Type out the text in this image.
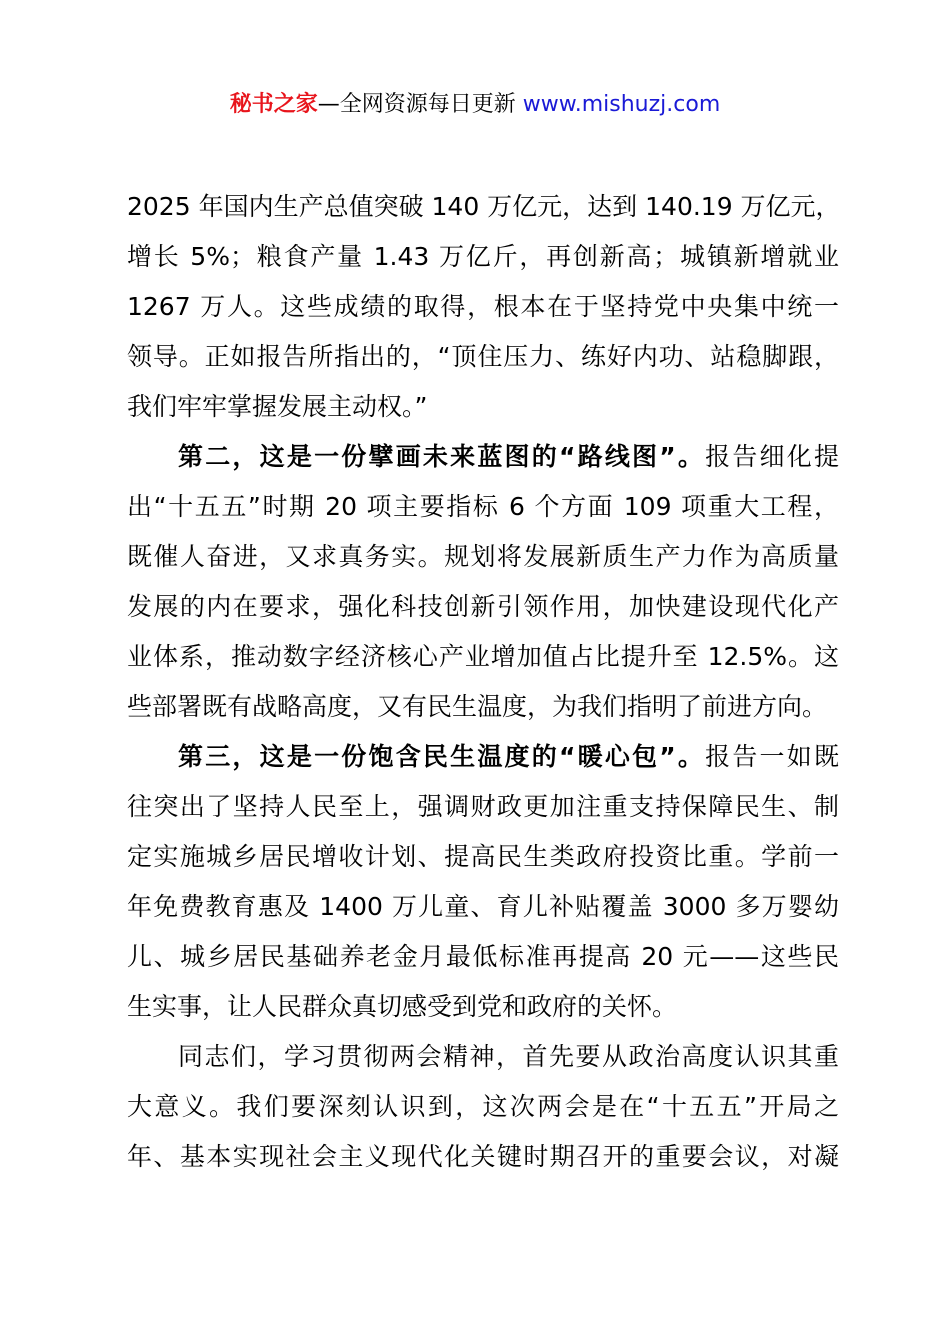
秘书之家—全网资源每日更新 www.mishuzj.com
2025 年国内生产总值突破 140 万亿元，达到 140.19 万亿元，
增长 5%；粮食产量 1.43 万亿斤，再创新高；城镇新增就业
1267 万人。这些成绩的取得，根本在于坚持党中央集中统一
领导。正如报告所指出的，“顶住压力、练好内功、站稳脚跟，
我们牢牢掌握发展主动权。”
第二，这是一份擘画未来蓝图的“路线图”。报告细化提
出“十五五”时期 20 项主要指标 6 个方面 109 项重大工程，
既催人奋进，又求真务实。规划将发展新质生产力作为高质量
发展的内在要求，强化科技创新引领作用，加快建设现代化产
业体系，推动数字经济核心产业增加值占比提升至 12.5%。这
些部署既有战略高度，又有民生温度，为我们指明了前进方向。
第三，这是一份饱含民生温度的“暖心包”。报告一如既
往突出了坚持人民至上，强调财政更加注重支持保障民生、制
定实施城乡居民增收计划、提高民生类政府投资比重。学前一
年免费教育惠及 1400 万儿童、育儿补贴覆盖 3000 多万婴幼
儿、城乡居民基础养老金月最低标准再提高 20 元——这些民
生实事，让人民群众真切感受到党和政府的关怀。
同志们，学习贯彻两会精神，首先要从政治高度认识其重
大意义。我们要深刻认识到，这次两会是在“十五五”开局之
年、基本实现社会主义现代化关键时期召开的重要会议，对凝
